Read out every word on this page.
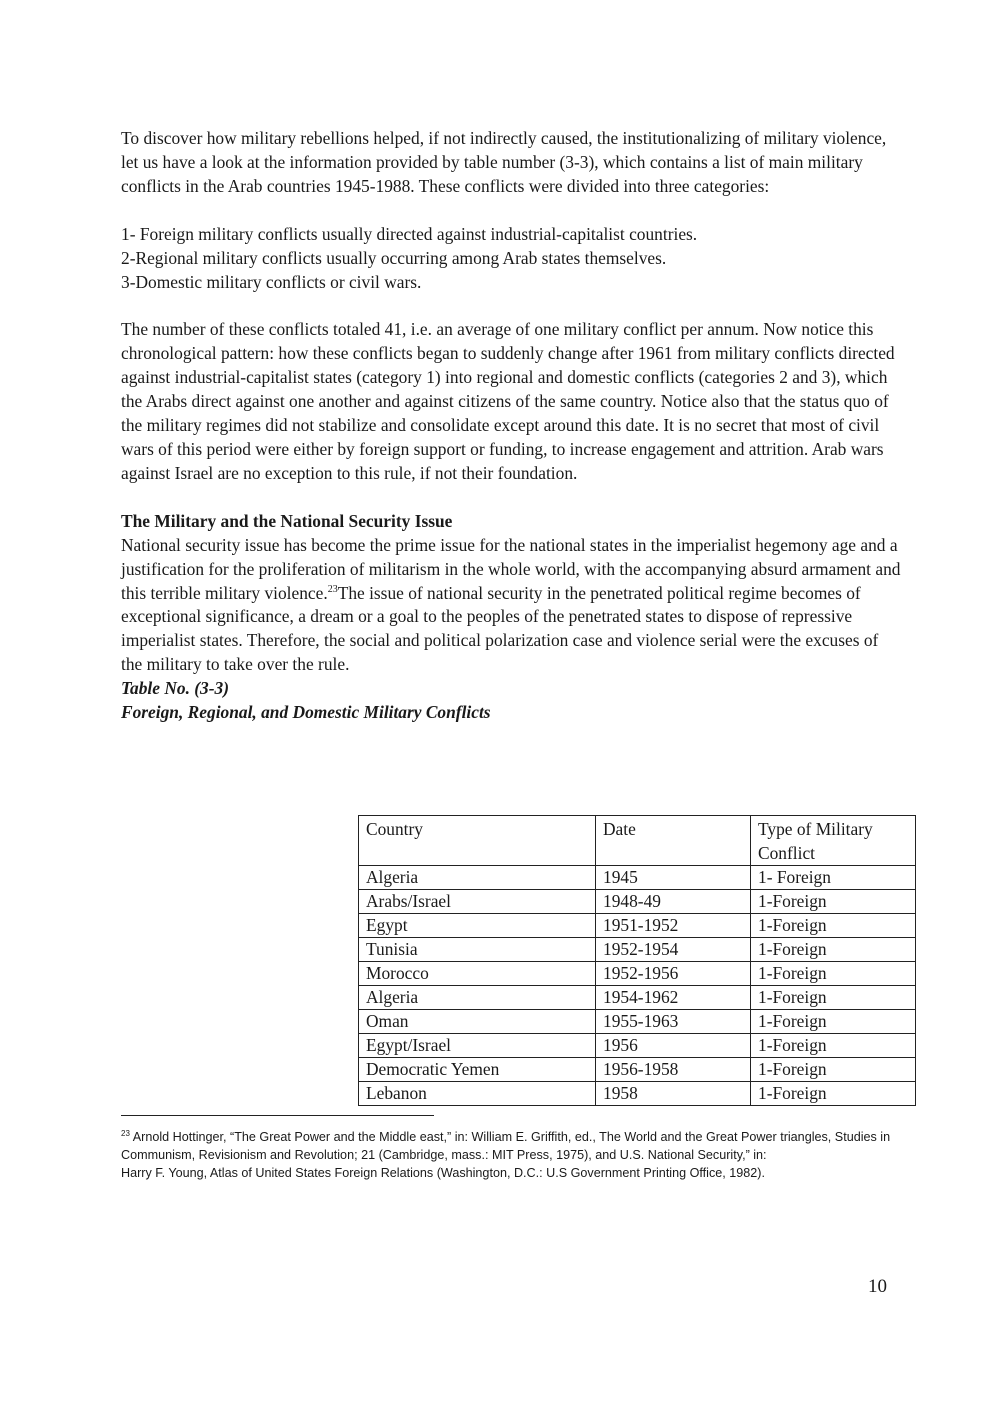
To discover how military rebellions helped, if not indirectly caused, the institutionalizing of military violence, let us have a look at the information provided by table number (3-3), which contains a list of main military conflicts in the Arab countries 1945-1988. These conflicts were divided into three categories:

1- Foreign military conflicts usually directed against industrial-capitalist countries.
2-Regional military conflicts usually occurring among Arab states themselves.
3-Domestic military conflicts or civil wars.

The number of these conflicts totaled 41, i.e. an average of one military conflict per annum. Now notice this chronological pattern: how these conflicts began to suddenly change after 1961 from military conflicts directed against industrial-capitalist states (category 1) into regional and domestic conflicts (categories 2 and 3), which the Arabs direct against one another and against citizens of the same country. Notice also that the status quo of the military regimes did not stabilize and consolidate except around this date. It is no secret that most of civil wars of this period were either by foreign support or funding, to increase engagement and attrition. Arab wars against Israel are no exception to this rule, if not their foundation.

The Military and the National Security Issue

National security issue has become the prime issue for the national states in the imperialist hegemony age and a justification for the proliferation of militarism in the whole world, with the accompanying absurd armament and this terrible military violence.$^{23}$The issue of national security in the penetrated political regime becomes of exceptional significance, a dream or a goal to the peoples of the penetrated states to dispose of repressive imperialist states. Therefore, the social and political polarization case and violence serial were the excuses of the military to take over the rule.

Table No. (3-3)
Foreign, Regional, and Domestic Military Conflicts
Country	Date	Type of Military Conflict
Algeria	1945	1- Foreign
Arabs/Israel	1948-49	1-Foreign
Egypt	1951-1952	1-Foreign
Tunisia	1952-1954	1-Foreign
Morocco	1952-1956	1-Foreign
Algeria	1954-1962	1-Foreign
Oman	1955-1963	1-Foreign
Egypt/Israel	1956	1-Foreign
Democratic Yemen	1956-1958	1-Foreign
Lebanon	1958	1-Foreign

$^{23}$ Arnold Hottinger, “The Great Power and the Middle east,” in: William E. Griffith, ed., The World and the Great Power triangles, Studies in Communism, Revisionism and Revolution; 21 (Cambridge, mass.: MIT Press, 1975), and U.S. National Security,” in:

Harry F. Young, Atlas of United States Foreign Relations (Washington, D.C.: U.S Government Printing Office, 1982).

10
